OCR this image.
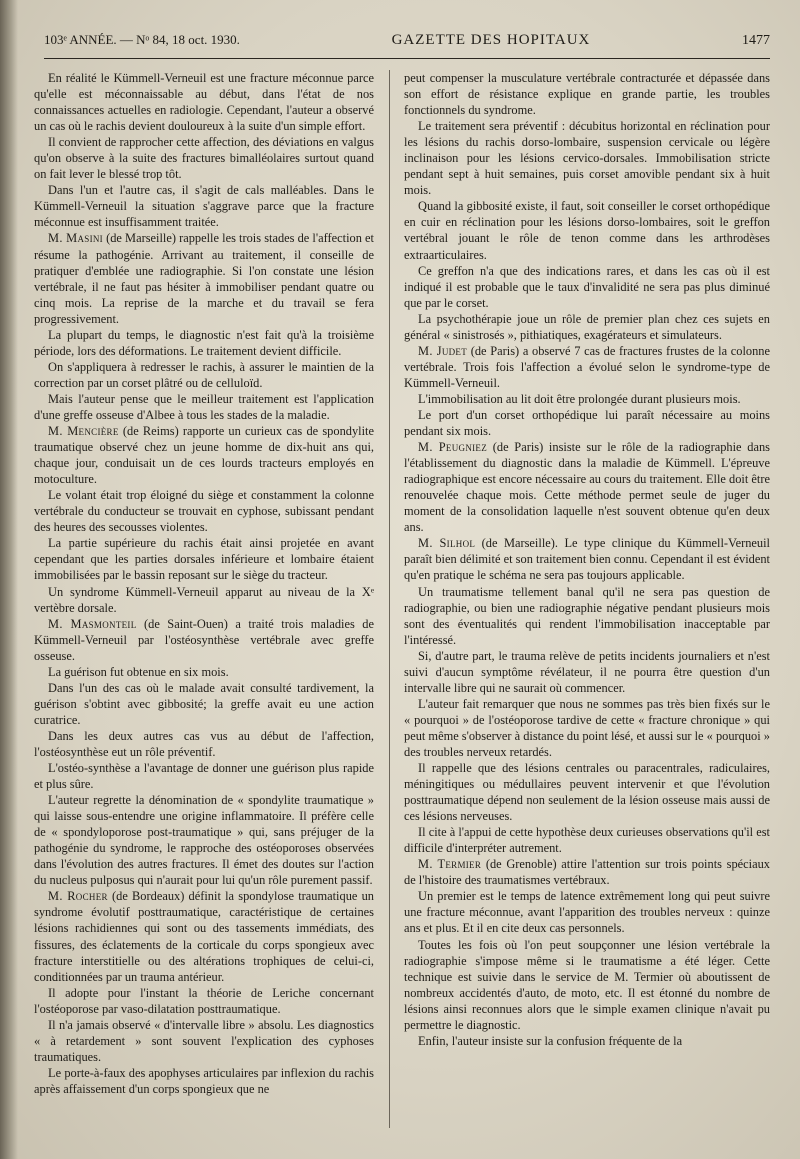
103ᵉ ANNÉE. — Nᵒ 84, 18 oct. 1930.	GAZETTE DES HOPITAUX	1477

En réalité le Kümmell-Verneuil est une fracture méconnue parce qu'elle est méconnaissable au début, dans l'état de nos connaissances actuelles en radiologie. Cependant, l'auteur a observé un cas où le rachis devient douloureux à la suite d'un simple effort.

Il convient de rapprocher cette affection, des déviations en valgus qu'on observe à la suite des fractures bimalléolaires surtout quand on fait lever le blessé trop tôt.

Dans l'un et l'autre cas, il s'agit de cals malléables. Dans le Kümmell-Verneuil la situation s'aggrave parce que la fracture méconnue est insuffisamment traitée.

M. Masini (de Marseille) rappelle les trois stades de l'affection et résume la pathogénie. Arrivant au traitement, il conseille de pratiquer d'emblée une radiographie. Si l'on constate une lésion vertébrale, il ne faut pas hésiter à immobiliser pendant quatre ou cinq mois. La reprise de la marche et du travail se fera progressivement.

La plupart du temps, le diagnostic n'est fait qu'à la troisième période, lors des déformations. Le traitement devient difficile.

On s'appliquera à redresser le rachis, à assurer le maintien de la correction par un corset plâtré ou de celluloïd.

Mais l'auteur pense que le meilleur traitement est l'application d'une greffe osseuse d'Albee à tous les stades de la maladie.

M. Mencière (de Reims) rapporte un curieux cas de spondylite traumatique observé chez un jeune homme de dix-huit ans qui, chaque jour, conduisait un de ces lourds tracteurs employés en motoculture.

Le volant était trop éloigné du siège et constamment la colonne vertébrale du conducteur se trouvait en cyphose, subissant pendant des heures des secousses violentes.

La partie supérieure du rachis était ainsi projetée en avant cependant que les parties dorsales inférieure et lombaire étaient immobilisées par le bassin reposant sur le siège du tracteur.

Un syndrome Kümmell-Verneuil apparut au niveau de la Xᵉ vertèbre dorsale.

M. Masmonteil (de Saint-Ouen) a traité trois maladies de Kümmell-Verneuil par l'ostéosynthèse vertébrale avec greffe osseuse.

La guérison fut obtenue en six mois.

Dans l'un des cas où le malade avait consulté tardivement, la guérison s'obtint avec gibbosité; la greffe avait eu une action curatrice.

Dans les deux autres cas vus au début de l'affection, l'ostéosynthèse eut un rôle préventif.

L'ostéo-synthèse a l'avantage de donner une guérison plus rapide et plus sûre.

L'auteur regrette la dénomination de « spondylite traumatique » qui laisse sous-entendre une origine inflammatoire. Il préfère celle de « spondyloporose post-traumatique » qui, sans préjuger de la pathogénie du syndrome, le rapproche des ostéoporoses observées dans l'évolution des autres fractures. Il émet des doutes sur l'action du nucleus pulposus qui n'aurait pour lui qu'un rôle purement passif.

M. Rocher (de Bordeaux) définit la spondylose traumatique un syndrome évolutif posttraumatique, caractéristique de certaines lésions rachidiennes qui sont ou des tassements immédiats, des fissures, des éclatements de la corticale du corps spongieux avec fracture interstitielle ou des altérations trophiques de celui-ci, conditionnées par un trauma antérieur.

Il adopte pour l'instant la théorie de Leriche concernant l'ostéoporose par vaso-dilatation posttraumatique.

Il n'a jamais observé « d'intervalle libre » absolu. Les diagnostics « à retardement » sont souvent l'explication des cyphoses traumatiques.

Le porte-à-faux des apophyses articulaires par inflexion du rachis après affaissement d'un corps spongieux que ne

peut compenser la musculature vertébrale contracturée et dépassée dans son effort de résistance explique en grande partie, les troubles fonctionnels du syndrome.

Le traitement sera préventif : décubitus horizontal en réclination pour les lésions du rachis dorso-lombaire, suspension cervicale ou légère inclinaison pour les lésions cervico-dorsales. Immobilisation stricte pendant sept à huit semaines, puis corset amovible pendant six à huit mois.

Quand la gibbosité existe, il faut, soit conseiller le corset orthopédique en cuir en réclination pour les lésions dorso-lombaires, soit le greffon vertébral jouant le rôle de tenon comme dans les arthrodèses extraarticulaires.

Ce greffon n'a que des indications rares, et dans les cas où il est indiqué il est probable que le taux d'invalidité ne sera pas plus diminué que par le corset.

La psychothérapie joue un rôle de premier plan chez ces sujets en général « sinistrosés », pithiatiques, exagérateurs et simulateurs.

M. Judet (de Paris) a observé 7 cas de fractures frustes de la colonne vertébrale. Trois fois l'affection a évolué selon le syndrome-type de Kümmell-Verneuil.

L'immobilisation au lit doit être prolongée durant plusieurs mois.

Le port d'un corset orthopédique lui paraît nécessaire au moins pendant six mois.

M. Peugniez (de Paris) insiste sur le rôle de la radiographie dans l'établissement du diagnostic dans la maladie de Kümmell. L'épreuve radiographique est encore nécessaire au cours du traitement. Elle doit être renouvelée chaque mois. Cette méthode permet seule de juger du moment de la consolidation laquelle n'est souvent obtenue qu'en deux ans.

M. Silhol (de Marseille). Le type clinique du Kümmell-Verneuil paraît bien délimité et son traitement bien connu. Cependant il est évident qu'en pratique le schéma ne sera pas toujours applicable.

Un traumatisme tellement banal qu'il ne sera pas question de radiographie, ou bien une radiographie négative pendant plusieurs mois sont des éventualités qui rendent l'immobilisation inacceptable par l'intéressé.

Si, d'autre part, le trauma relève de petits incidents journaliers et n'est suivi d'aucun symptôme révélateur, il ne pourra être question d'un intervalle libre qui ne saurait où commencer.

L'auteur fait remarquer que nous ne sommes pas très bien fixés sur le « pourquoi » de l'ostéoporose tardive de cette « fracture chronique » qui peut même s'observer à distance du point lésé, et aussi sur le « pourquoi » des troubles nerveux retardés.

Il rappelle que des lésions centrales ou paracentrales, radiculaires, méningitiques ou médullaires peuvent intervenir et que l'évolution posttraumatique dépend non seulement de la lésion osseuse mais aussi de ces lésions nerveuses.

Il cite à l'appui de cette hypothèse deux curieuses observations qu'il est difficile d'interpréter autrement.

M. Termier (de Grenoble) attire l'attention sur trois points spéciaux de l'histoire des traumatismes vertébraux.

Un premier est le temps de latence extrêmement long qui peut suivre une fracture méconnue, avant l'apparition des troubles nerveux : quinze ans et plus. Et il en cite deux cas personnels.

Toutes les fois où l'on peut soupçonner une lésion vertébrale la radiographie s'impose même si le traumatisme a été léger. Cette technique est suivie dans le service de M. Termier où aboutissent de nombreux accidentés d'auto, de moto, etc. Il est étonné du nombre de lésions ainsi reconnues alors que le simple examen clinique n'avait pu permettre le diagnostic.

Enfin, l'auteur insiste sur la confusion fréquente de la
